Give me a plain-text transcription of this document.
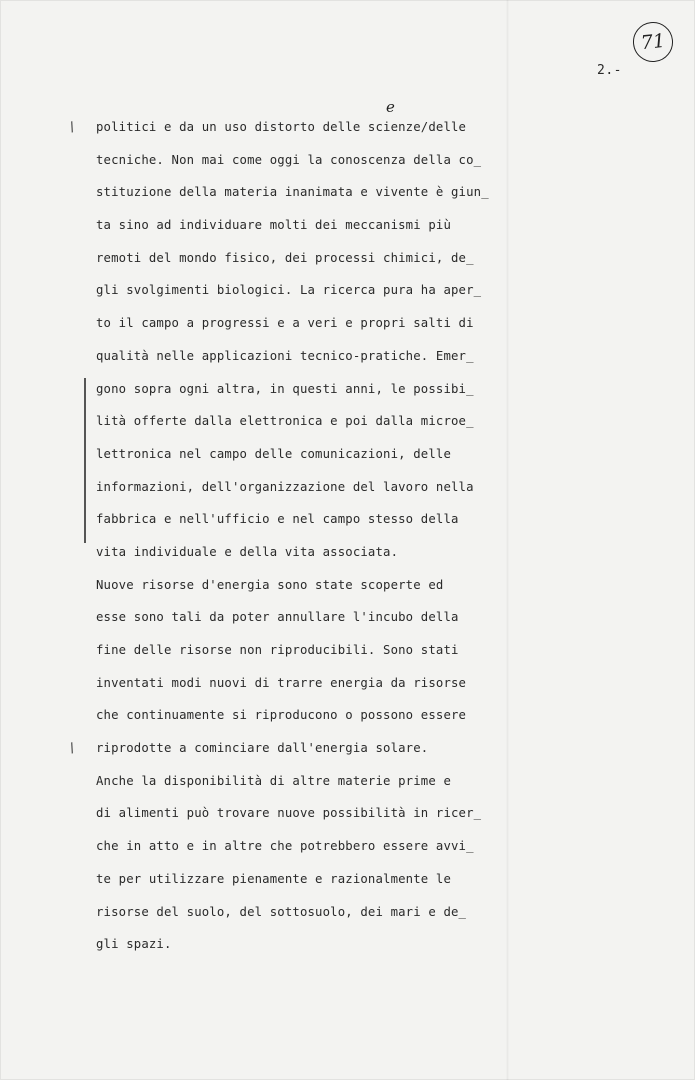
71
2.-
e
/
/
politici e da un uso distorto delle scienze/delle
tecniche. Non mai come oggi la conoscenza della co_
stituzione della materia inanimata e vivente è giun_
ta sino ad individuare molti dei meccanismi più
remoti del mondo fisico, dei processi chimici, de_
gli svolgimenti biologici. La ricerca pura ha aper_
to il campo a progressi e a veri e propri salti di
qualità nelle applicazioni tecnico-pratiche. Emer_
gono sopra ogni altra, in questi anni, le possibi_
lità offerte dalla elettronica e poi dalla microe_
lettronica nel campo delle comunicazioni, delle
informazioni, dell'organizzazione del lavoro nella
fabbrica e nell'ufficio e nel campo stesso della
vita individuale e della vita associata.
Nuove risorse d'energia sono state scoperte ed
esse sono tali da poter annullare l'incubo della
fine delle risorse non riproducibili. Sono stati
inventati modi nuovi di trarre energia da risorse
che continuamente si riproducono o possono essere
riprodotte a cominciare dall'energia solare.
Anche la disponibilità di altre materie prime e
di alimenti può trovare nuove possibilità in ricer_
che in atto e in altre che potrebbero essere avvi_
te per utilizzare pienamente e razionalmente le
risorse del suolo, del sottosuolo, dei mari e de_
gli spazi.
